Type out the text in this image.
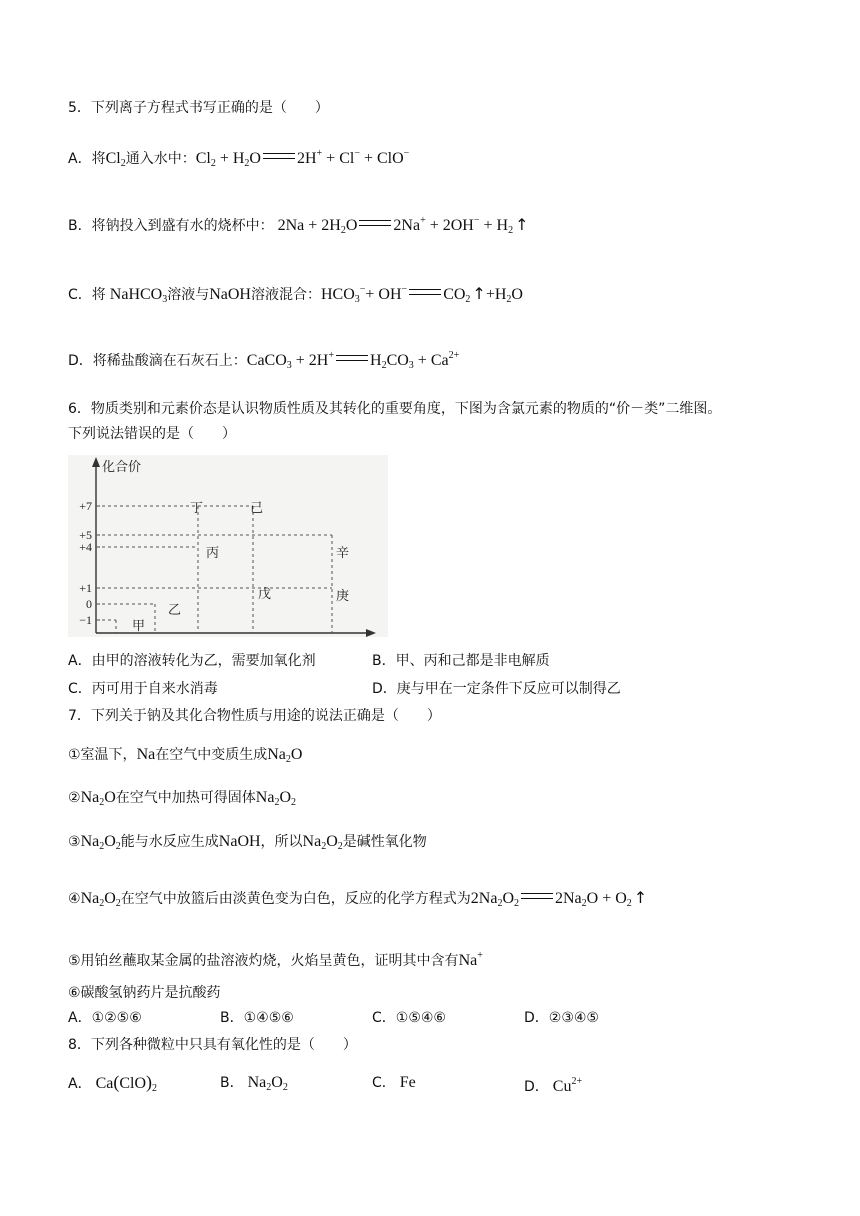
5．下列离子方程式书写正确的是（　　）
A．将$Cl_2$通入水中：$Cl_2 + H_2O$ 2H+ + Cl− + ClO−
B．将钠投入到盛有水的烧杯中： $2Na + 2H_2O$ $2Na^+ + 2OH^- + H_2$ ↑
C．将 NaHCO$_3$溶液与NaOH溶液混合：$HCO_3^-+ OH^-$ $CO_2$ $↑+H_2O$
D．将稀盐酸滴在石灰石上：CaCO$_3$ + 2H+ $H_2CO_3 + Ca^{2+}$
6．物质类别和元素价态是认识物质性质及其转化的重要角度，下图为含氯元素的物质的“价－类”二维图。
下列说法错误的是（　　）
化合价
+7
+5
+4
+1
0
−1	甲
乙
丙
丁
戊
己
庚
辛
A．由甲的溶液转化为乙，需要加氧化剂	B．甲、丙和己都是非电解质
C．丙可用于自来水消毒	D．庚与甲在一定条件下反应可以制得乙
7．下列关于钠及其化合物性质与用途的说法正确是（　　）
①室温下，Na在空气中变质生成$Na_2O$
$②Na_2O$在空气中加热可得固体$Na_2O_2$
$③Na_2O_2$能与水反应生成NaOH，所以$Na_2O_2$是碱性氧化物
$④Na_2O_2$在空气中放篮后由淡黄色变为白色，反应的化学方程式为$2Na_2O_2$ $2Na_2O + O_2$ ↑
⑤用铂丝蘸取某金属的盐溶液灼烧，火焰呈黄色，证明其中含有Na+
⑥碳酸氢钠药片是抗酸药
A．①②⑤⑥	B．①④⑤⑥	C．①⑤④⑥	D．②③④⑤
8．下列各种微粒中只具有氧化性的是（　　）
A． $Ca(ClO)_2$	B． $Na_2O_2$	C． Fe	D． $Cu^{2+}$
